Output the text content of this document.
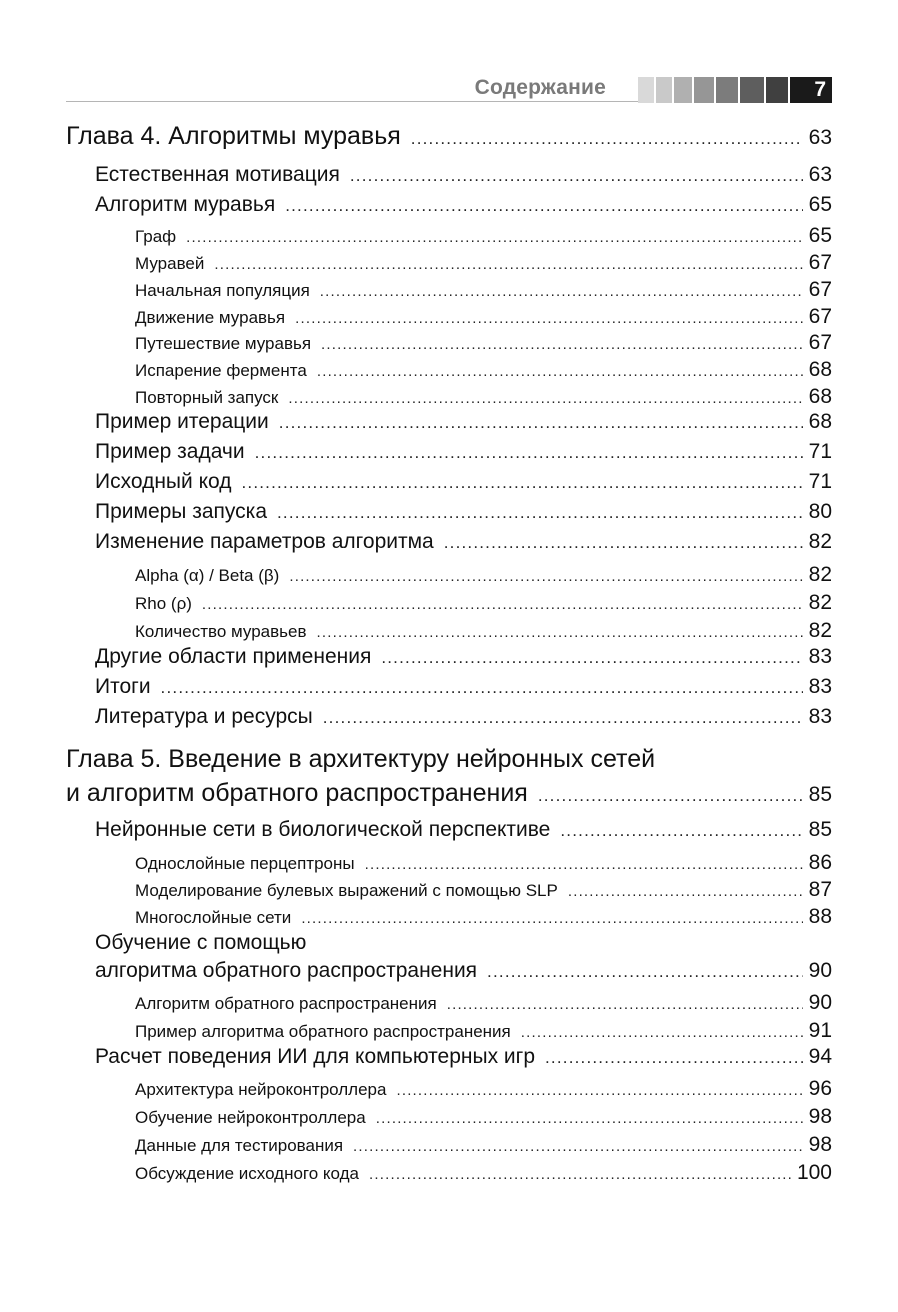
Содержание	7
Глава 4. Алгоритмы муравья .....	63
Естественная мотивация .....	63
Алгоритм муравья .....	65
Граф .....	65
Муравей .....	67
Начальная популяция .....	67
Движение муравья .....	67
Путешествие муравья .....	67
Испарение фермента .....	68
Повторный запуск .....	68
Пример итерации .....	68
Пример задачи .....	71
Исходный код .....	71
Примеры запуска .....	80
Изменение параметров алгоритма .....	82
Alpha (α) / Beta (β) .....	82
Rho (ρ) .....	82
Количество муравьев .....	82
Другие области применения .....	83
Итоги .....	83
Литература и ресурсы .....	83
Глава 5. Введение в архитектуру нейронных сетей
и алгоритм обратного распространения .....	85
Нейронные сети в биологической перспективе .....	85
Однослойные перцептроны .....	86
Моделирование булевых выражений с помощью SLP .....	87
Многослойные сети .....	88
Обучение с помощью
алгоритма обратного распространения .....	90
Алгоритм обратного распространения .....	90
Пример алгоритма обратного распространения .....	91
Расчет поведения ИИ для компьютерных игр .....	94
Архитектура нейроконтроллера .....	96
Обучение нейроконтроллера .....	98
Данные для тестирования .....	98
Обсуждение исходного кода .....	100
